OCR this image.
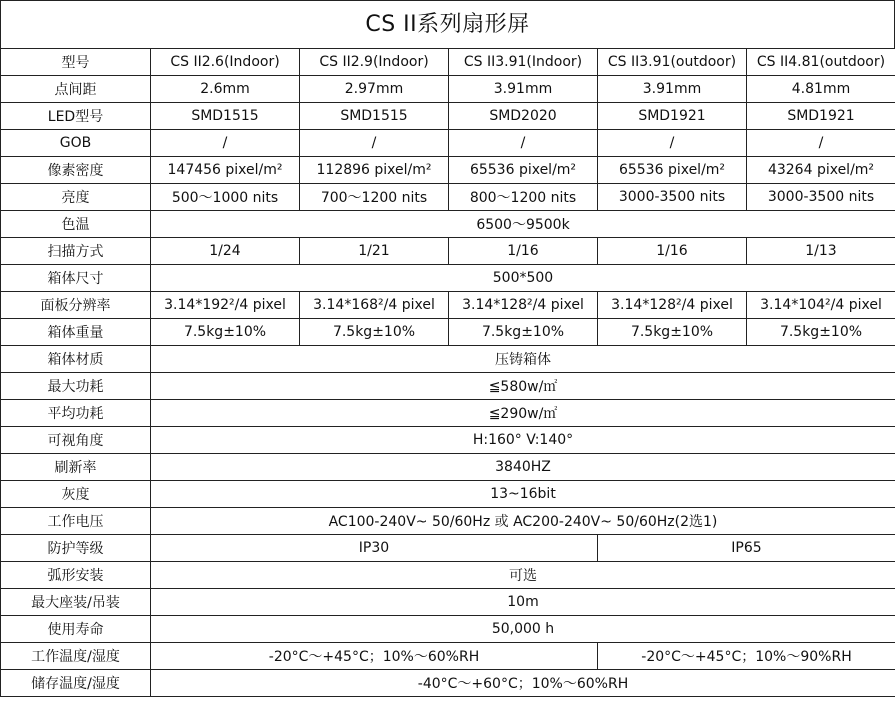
CS II系列扇形屏
型号	CS II2.6(Indoor)	CS II2.9(Indoor)	CS II3.91(Indoor)	CS II3.91(outdoor)	CS II4.81(outdoor)
点间距	2.6mm	2.97mm	3.91mm	3.91mm	4.81mm
LED型号	SMD1515	SMD1515	SMD2020	SMD1921	SMD1921
GOB	/	/	/	/	/
像素密度	147456 pixel/m²	112896 pixel/m²	65536 pixel/m²	65536 pixel/m²	43264 pixel/m²
亮度	500～1000 nits	700～1200 nits	800～1200 nits	3000-3500 nits	3000-3500 nits
色温	6500～9500k				
扫描方式	1/24	1/21	1/16	1/16	1/13
箱体尺寸	500*500				
面板分辨率	3.14*192²/4 pixel	3.14*168²/4 pixel	3.14*128²/4 pixel	3.14*128²/4 pixel	3.14*104²/4 pixel
箱体重量	7.5kg±10%	7.5kg±10%	7.5kg±10%	7.5kg±10%	7.5kg±10%
箱体材质	压铸箱体				
最大功耗	≦580w/㎡				
平均功耗	≦290w/㎡				
可视角度	H:160° V:140°				
刷新率	3840HZ				
灰度	13~16bit				
工作电压	AC100-240V~ 50/60Hz 或 AC200-240V~ 50/60Hz(2选1)				
防护等级	IP30			IP65	
弧形安装	可选				
最大座装/吊装	10m				
使用寿命	50,000 h				
工作温度/湿度	-20°C～+45°C；10%～60%RH			-20°C～+45°C；10%～90%RH	
储存温度/湿度	-40°C～+60°C；10%～60%RH				
